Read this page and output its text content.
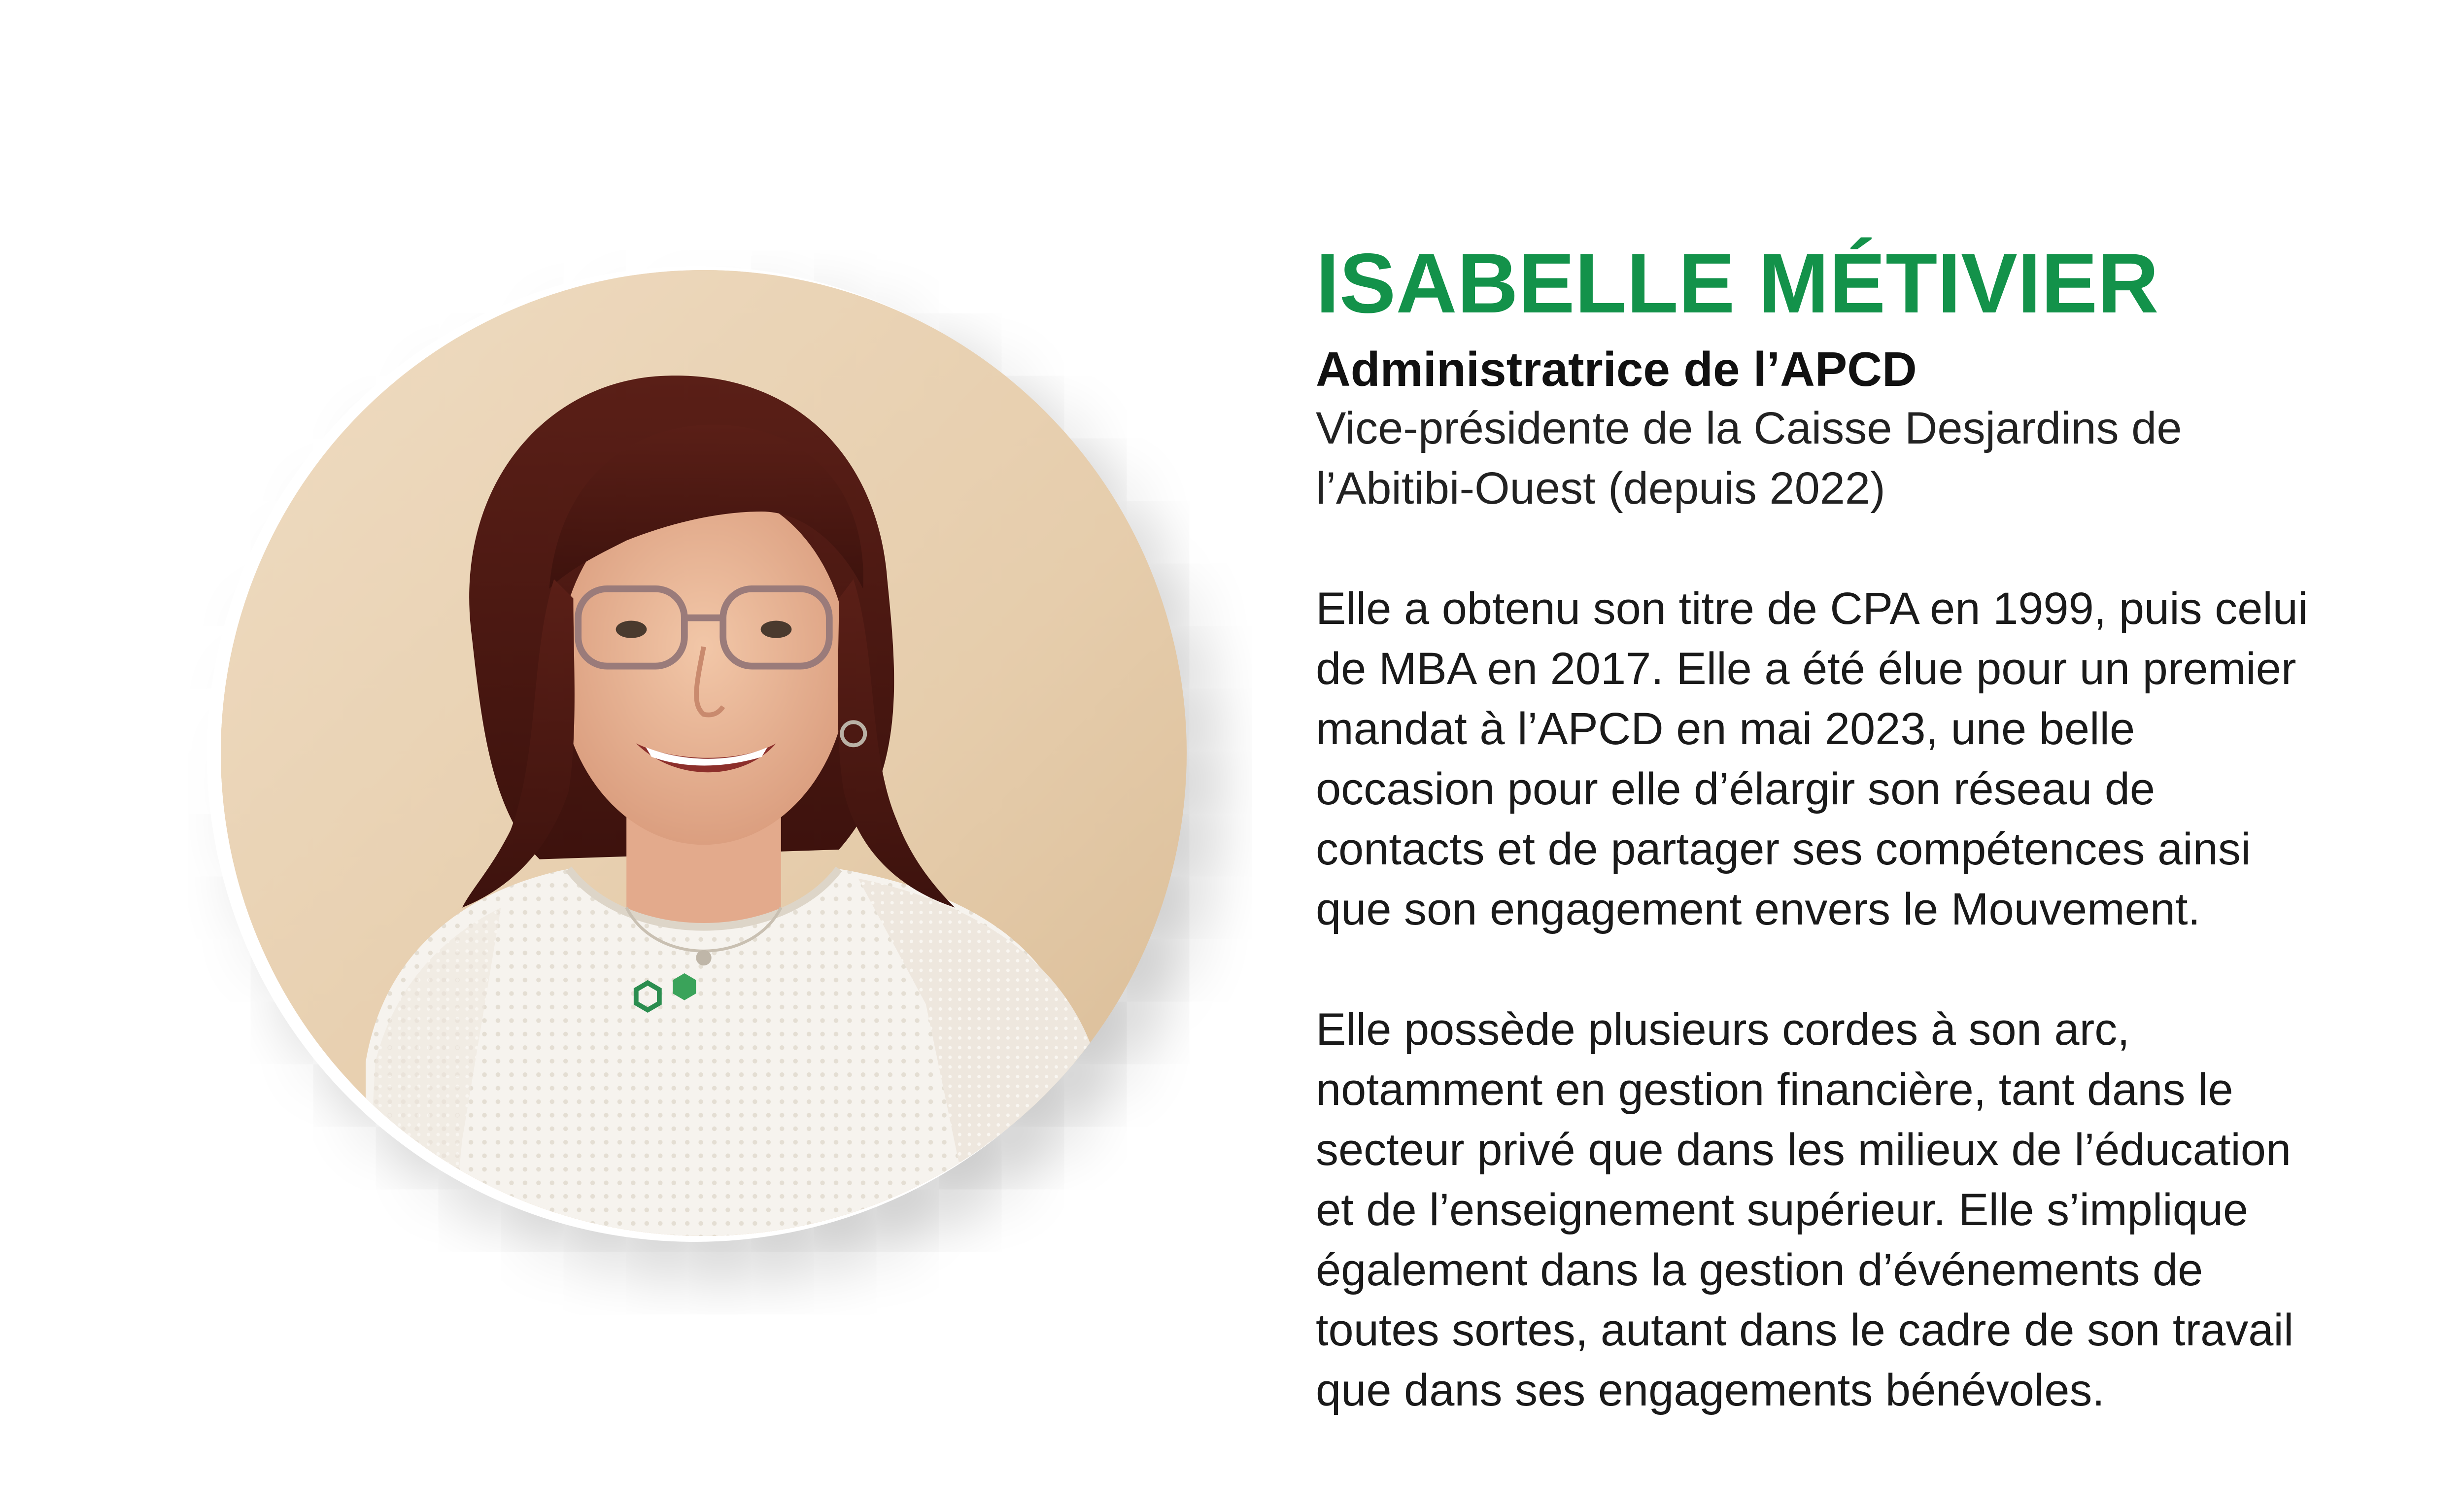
ISABELLE MÉTIVIER
Administratrice de l’APCD
Vice-présidente de la Caisse Desjardins de
l’Abitibi-Ouest (depuis 2022)

Elle a obtenu son titre de CPA en 1999, puis celui
de MBA en 2017. Elle a été élue pour un premier
mandat à l’APCD en mai 2023, une belle
occasion pour elle d’élargir son réseau de
contacts et de partager ses compétences ainsi
que son engagement envers le Mouvement.

Elle possède plusieurs cordes à son arc,
notamment en gestion financière, tant dans le
secteur privé que dans les milieux de l’éducation
et de l’enseignement supérieur. Elle s’implique
également dans la gestion d’événements de
toutes sortes, autant dans le cadre de son travail
que dans ses engagements bénévoles.
